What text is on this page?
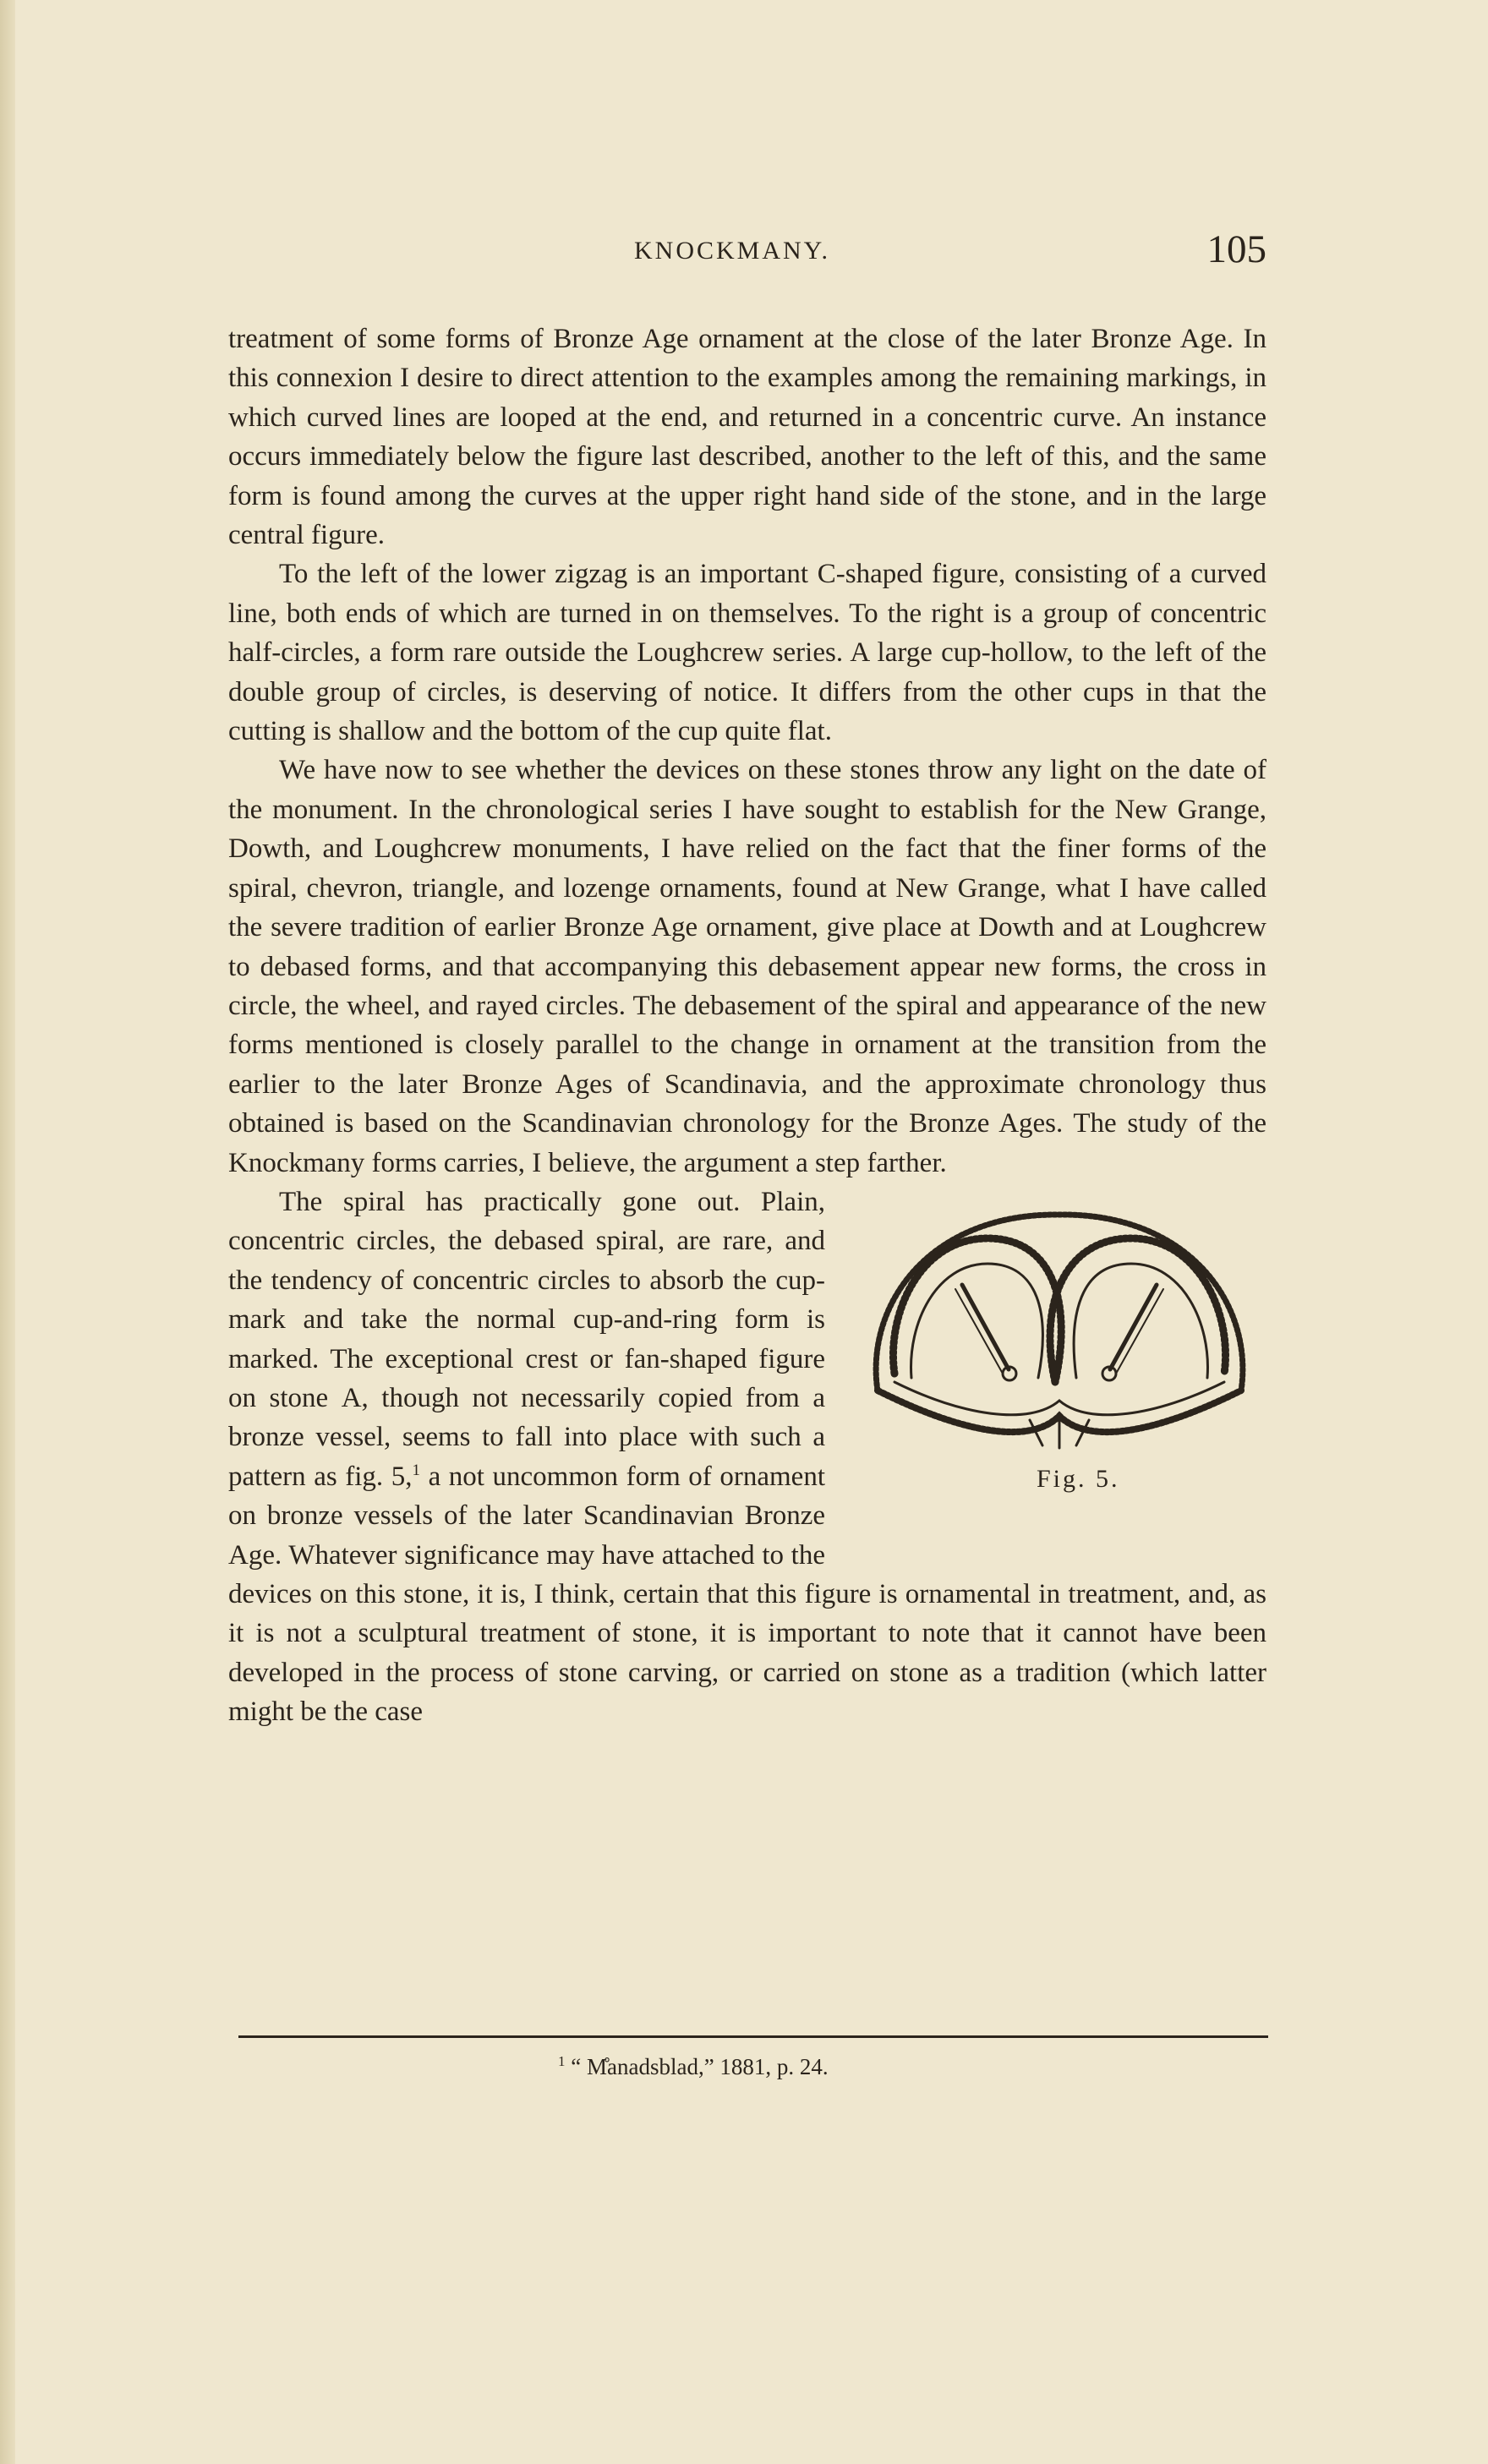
KNOCKMANY.	105

treatment of some forms of Bronze Age ornament at the close of the later Bronze Age. In this connexion I desire to direct attention to the examples among the remaining markings, in which curved lines are looped at the end, and returned in a concentric curve. An instance occurs immediately below the figure last described, another to the left of this, and the same form is found among the curves at the upper right hand side of the stone, and in the large central figure.

To the left of the lower zigzag is an important C-shaped figure, consisting of a curved line, both ends of which are turned in on themselves. To the right is a group of concentric half-circles, a form rare outside the Loughcrew series. A large cup-hollow, to the left of the double group of circles, is deserving of notice. It differs from the other cups in that the cutting is shallow and the bottom of the cup quite flat.

We have now to see whether the devices on these stones throw any light on the date of the monument. In the chronological series I have sought to establish for the New Grange, Dowth, and Loughcrew monuments, I have relied on the fact that the finer forms of the spiral, chevron, triangle, and lozenge ornaments, found at New Grange, what I have called the severe tradition of earlier Bronze Age ornament, give place at Dowth and at Loughcrew to debased forms, and that accompanying this debasement appear new forms, the cross in circle, the wheel, and rayed circles. The debasement of the spiral and appearance of the new forms mentioned is closely parallel to the change in ornament at the transition from the earlier to the later Bronze Ages of Scandinavia, and the approximate chronology thus obtained is based on the Scandinavian chronology for the Bronze Ages. The study of the Knockmany forms carries, I believe, the argument a step farther.

Fig. 5.
The spiral has practically gone out. Plain, concentric circles, the debased spiral, are rare, and the tendency of concentric circles to absorb the cup-mark and take the normal cup-and-ring form is marked. The exceptional crest or fan-shaped figure on stone A, though not necessarily copied from a bronze vessel, seems to fall into place with such a pattern as fig. 5,$^1$ a not uncommon form of ornament on bronze vessels of the later Scandinavian Bronze Age. Whatever significance may have attached to the devices on this stone, it is, I think, certain that this figure is ornamental in treatment, and, as it is not a sculptural treatment of stone, it is important to note that it cannot have been developed in the process of stone carving, or carried on stone as a tradition (which latter might be the case

$^1$ “ M̊anadsblad,” 1881, p. 24.
